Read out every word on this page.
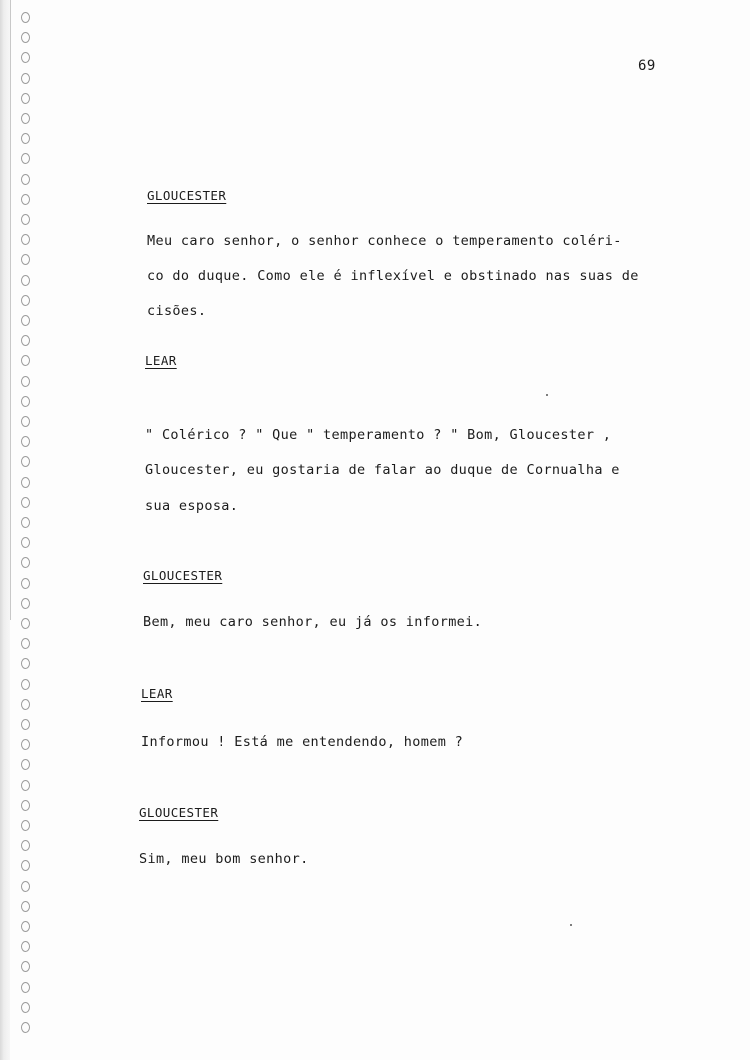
69
GLOUCESTER
Meu caro senhor, o senhor conhece o temperamento coléri-
co do duque. Como ele é inflexível e obstinado nas suas de
cisões.
LEAR
" Colérico ? " Que " temperamento ? " Bom, Gloucester ,
Gloucester, eu gostaria de falar ao duque de Cornualha e
sua esposa.
GLOUCESTER
Bem, meu caro senhor, eu já os informei.
LEAR
Informou ! Está me entendendo, homem ?
GLOUCESTER
Sim, meu bom senhor.
